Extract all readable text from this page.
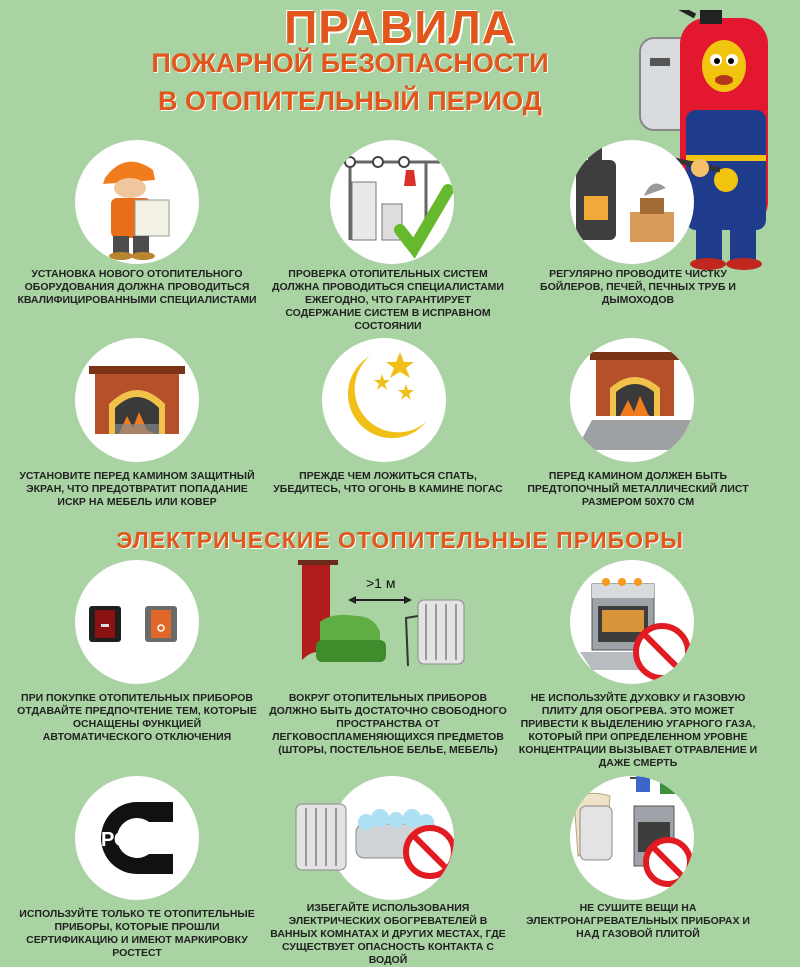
ПРАВИЛА
ПОЖАРНОЙ БЕЗОПАСНОСТИ
В ОТОПИТЕЛЬНЫЙ ПЕРИОД
УСТАНОВКА НОВОГО ОТОПИТЕЛЬНОГО ОБОРУДОВАНИЯ ДОЛЖНА ПРОВОДИТЬСЯ КВАЛИФИЦИРОВАННЫМИ СПЕЦИАЛИСТАМИ
ПРОВЕРКА ОТОПИТЕЛЬНЫХ СИСТЕМ ДОЛЖНА ПРОВОДИТЬСЯ СПЕЦИАЛИСТАМИ ЕЖЕГОДНО, ЧТО ГАРАНТИРУЕТ СОДЕРЖАНИЕ СИСТЕМ В ИСПРАВНОМ СОСТОЯНИИ
РЕГУЛЯРНО ПРОВОДИТЕ ЧИСТКУ БОЙЛЕРОВ, ПЕЧЕЙ, ПЕЧНЫХ ТРУБ И ДЫМОХОДОВ
УСТАНОВИТЕ ПЕРЕД КАМИНОМ ЗАЩИТНЫЙ ЭКРАН, ЧТО ПРЕДОТВРАТИТ ПОПАДАНИЕ ИСКР НА МЕБЕЛЬ ИЛИ КОВЕР
ПРЕЖДЕ ЧЕМ ЛОЖИТЬСЯ СПАТЬ, УБЕДИТЕСЬ, ЧТО ОГОНЬ В КАМИНЕ ПОГАС
ПЕРЕД КАМИНОМ ДОЛЖЕН БЫТЬ ПРЕДТОПОЧНЫЙ МЕТАЛЛИЧЕСКИЙ ЛИСТ РАЗМЕРОМ 50Х70 СМ
ЭЛЕКТРИЧЕСКИЕ ОТОПИТЕЛЬНЫЕ ПРИБОРЫ
>1 м
ПРИ ПОКУПКЕ ОТОПИТЕЛЬНЫХ ПРИБОРОВ ОТДАВАЙТЕ ПРЕДПОЧТЕНИЕ ТЕМ, КОТОРЫЕ ОСНАЩЕНЫ ФУНКЦИЕЙ АВТОМАТИЧЕСКОГО ОТКЛЮЧЕНИЯ
ВОКРУГ ОТОПИТЕЛЬНЫХ ПРИБОРОВ ДОЛЖНО БЫТЬ ДОСТАТОЧНО СВОБОДНОГО ПРОСТРАНСТВА ОТ ЛЕГКОВОСПЛАМЕНЯЮЩИХСЯ ПРЕДМЕТОВ (ШТОРЫ, ПОСТЕЛЬНОЕ БЕЛЬЕ, МЕБЕЛЬ)
НЕ ИСПОЛЬЗУЙТЕ ДУХОВКУ И ГАЗОВУЮ ПЛИТУ ДЛЯ ОБОГРЕВА. ЭТО МОЖЕТ ПРИВЕСТИ К ВЫДЕЛЕНИЮ УГАРНОГО ГАЗА, КОТОРЫЙ ПРИ ОПРЕДЕЛЕННОМ УРОВНЕ КОНЦЕНТРАЦИИ ВЫЗЫВАЕТ ОТРАВЛЕНИЕ И ДАЖЕ СМЕРТЬ
РСТ
ИСПОЛЬЗУЙТЕ ТОЛЬКО ТЕ ОТОПИТЕЛЬНЫЕ ПРИБОРЫ, КОТОРЫЕ ПРОШЛИ СЕРТИФИКАЦИЮ И ИМЕЮТ МАРКИРОВКУ РОСТЕСТ
ИЗБЕГАЙТЕ ИСПОЛЬЗОВАНИЯ ЭЛЕКТРИЧЕСКИХ ОБОГРЕВАТЕЛЕЙ В ВАННЫХ КОМНАТАХ И ДРУГИХ МЕСТАХ, ГДЕ СУЩЕСТВУЕТ ОПАСНОСТЬ КОНТАКТА С ВОДОЙ
НЕ СУШИТЕ ВЕЩИ НА ЭЛЕКТРОНАГРЕВАТЕЛЬНЫХ ПРИБОРАХ И НАД ГАЗОВОЙ ПЛИТОЙ
